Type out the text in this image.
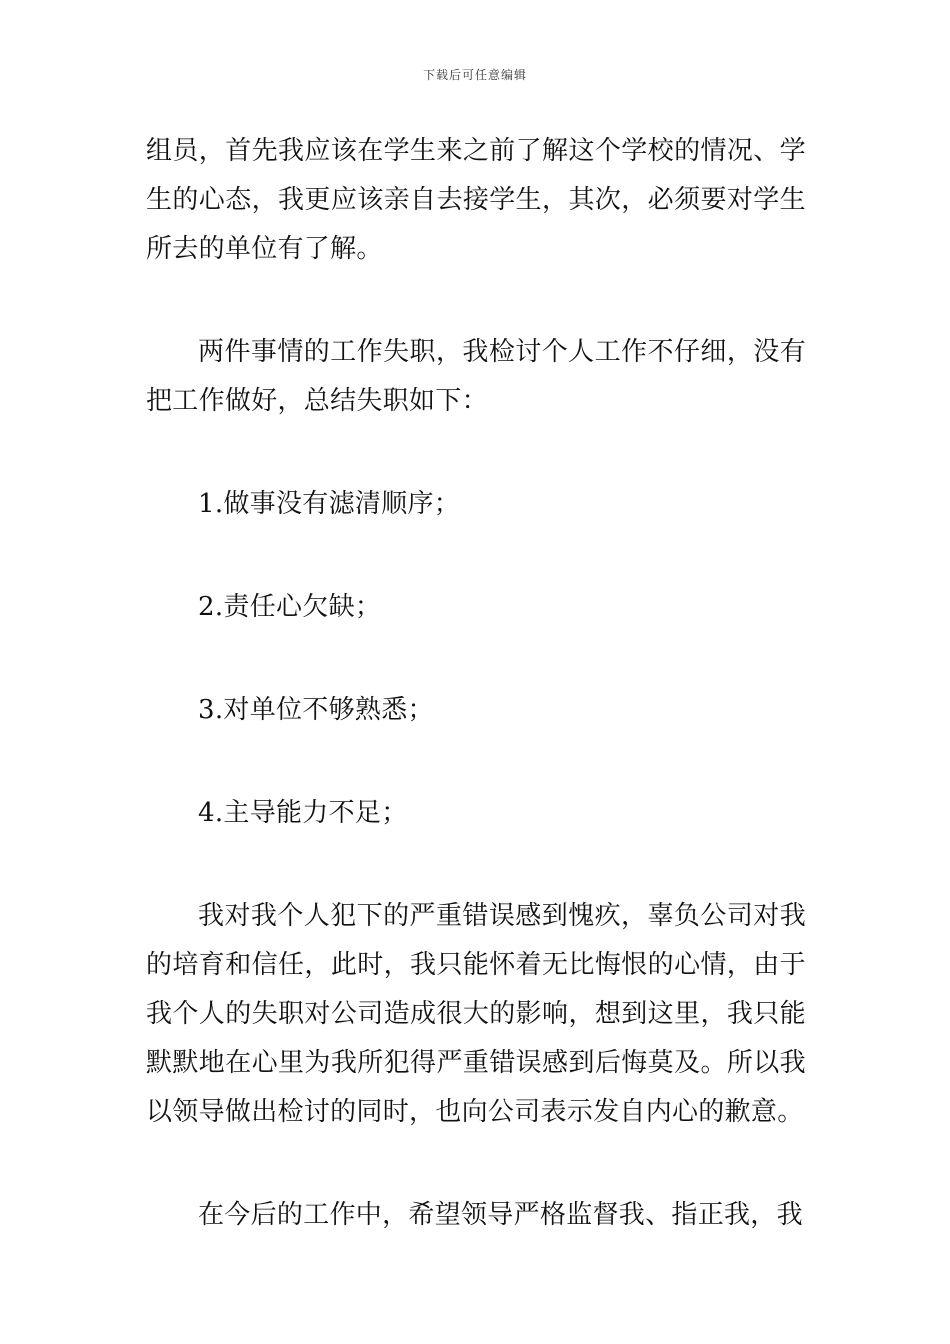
下载后可任意编辑

组员，首先我应该在学生来之前了解这个学校的情况、学生的心态，我更应该亲自去接学生，其次，必须要对学生所去的单位有了解。

两件事情的工作失职，我检讨个人工作不仔细，没有把工作做好，总结失职如下：

1.做事没有滤清顺序；

2.责任心欠缺；

3.对单位不够熟悉；

4.主导能力不足；

我对我个人犯下的严重错误感到愧疚，辜负公司对我的培育和信任，此时，我只能怀着无比悔恨的心情，由于我个人的失职对公司造成很大的影响，想到这里，我只能默默地在心里为我所犯得严重错误感到后悔莫及。所以我以领导做出检讨的同时，也向公司表示发自内心的歉意。

在今后的工作中，希望领导严格监督我、指正我，我
